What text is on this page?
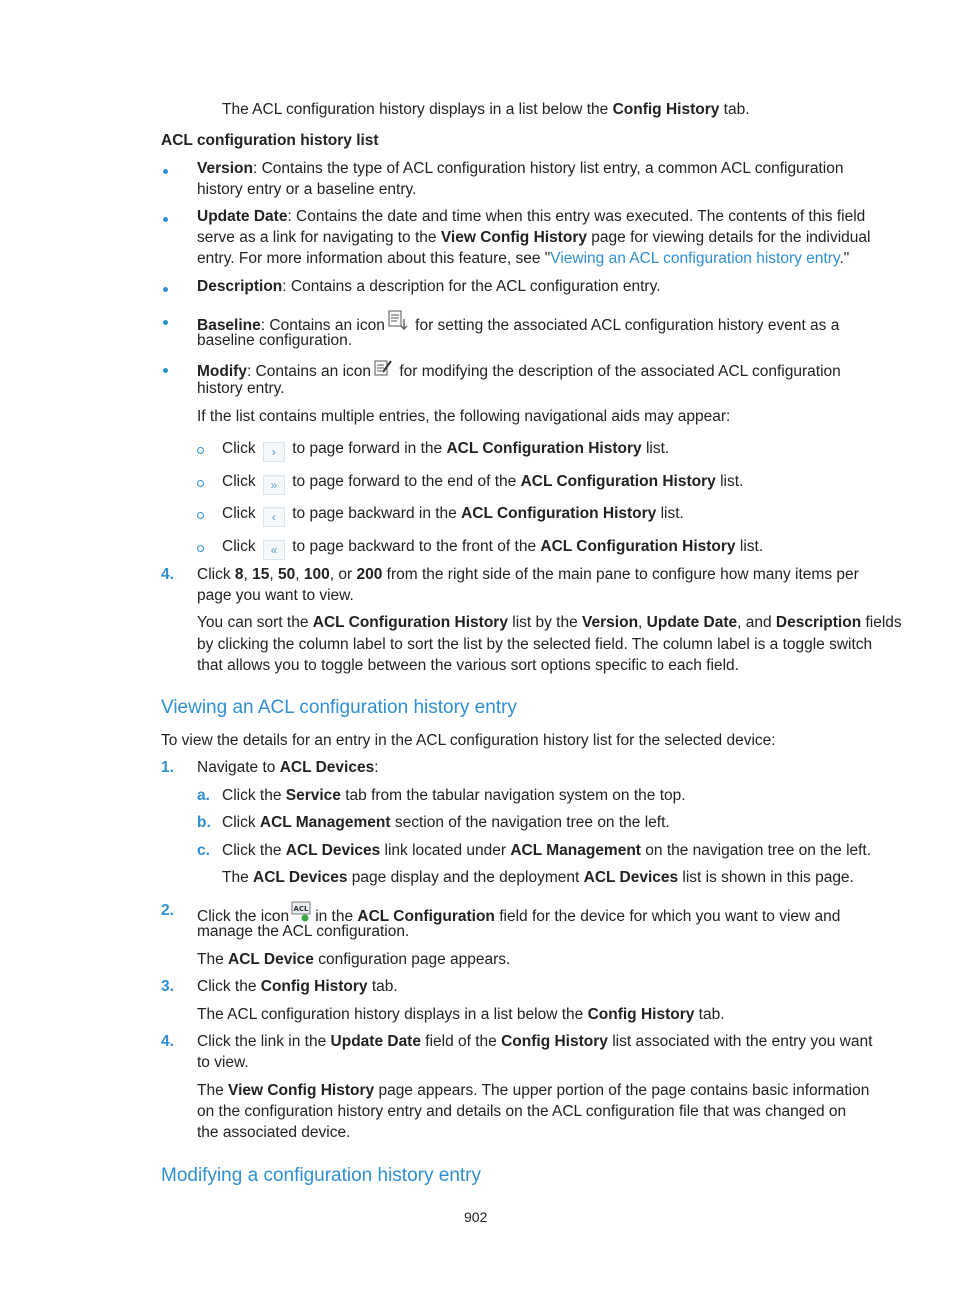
The ACL configuration history displays in a list below the Config History tab.
ACL configuration history list
Version: Contains the type of ACL configuration history list entry, a common ACL configuration
history entry or a baseline entry.
Update Date: Contains the date and time when this entry was executed. The contents of this field
serve as a link for navigating to the View Config History page for viewing details for the individual
entry. For more information about this feature, see "Viewing an ACL configuration history entry."
Description: Contains a description for the ACL configuration entry.
Baseline: Contains an icon for setting the associated ACL configuration history event as a
baseline configuration.
Modify: Contains an icon for modifying the description of the associated ACL configuration
history entry.
If the list contains multiple entries, the following navigational aids may appear:
Click › to page forward in the ACL Configuration History list.
Click » to page forward to the end of the ACL Configuration History list.
Click ‹ to page backward in the ACL Configuration History list.
Click « to page backward to the front of the ACL Configuration History list.
4. Click 8, 15, 50, 100, or 200 from the right side of the main pane to configure how many items per
page you want to view.
You can sort the ACL Configuration History list by the Version, Update Date, and Description fields
by clicking the column label to sort the list by the selected field. The column label is a toggle switch
that allows you to toggle between the various sort options specific to each field.
Viewing an ACL configuration history entry
To view the details for an entry in the ACL configuration history list for the selected device:
1. Navigate to ACL Devices:
a. Click the Service tab from the tabular navigation system on the top.
b. Click ACL Management section of the navigation tree on the left.
c. Click the ACL Devices link located under ACL Management on the navigation tree on the left.
The ACL Devices page display and the deployment ACL Devices list is shown in this page.
2. Click the icon ACL in the ACL Configuration field for the device for which you want to view and
manage the ACL configuration.
The ACL Device configuration page appears.
3. Click the Config History tab.
The ACL configuration history displays in a list below the Config History tab.
4. Click the link in the Update Date field of the Config History list associated with the entry you want
to view.
The View Config History page appears. The upper portion of the page contains basic information
on the configuration history entry and details on the ACL configuration file that was changed on
the associated device.
Modifying a configuration history entry
902
